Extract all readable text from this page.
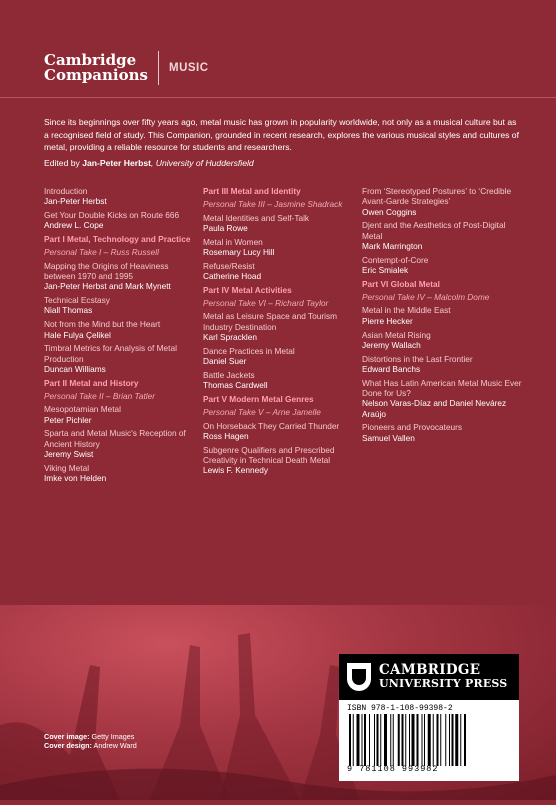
Cambridge
Companions MUSIC
Since its beginnings over fifty years ago, metal music has grown in popularity worldwide, not only as a musical culture but as a recognised field of study. This Companion, grounded in recent research, explores the various musical styles and cultures of metal, providing a reliable resource for students and researchers.
Edited by Jan-Peter Herbst, University of Huddersfield
Introduction
Jan-Peter Herbst
Get Your Double Kicks on Route 666
Andrew L. Cope
Part I Metal, Technology and Practice
Personal Take I – Russ Russell
Mapping the Origins of Heaviness between 1970 and 1995
Jan-Peter Herbst and Mark Mynett
Technical Ecstasy
Niall Thomas
Not from the Mind but the Heart
Hale Fulya Çelikel
Timbral Metrics for Analysis of Metal Production
Duncan Williams
Part II Metal and History
Personal Take II – Brian Tatler
Mesopotamian Metal
Peter Pichler
Sparta and Metal Music's Reception of Ancient History
Jeremy Swist
Viking Metal
Imke von Helden
Part III Metal and Identity
Personal Take III – Jasmine Shadrack
Metal Identities and Self-Talk
Paula Rowe
Metal in Women
Rosemary Lucy Hill
Refuse/Resist
Catherine Hoad
Part IV Metal Activities
Personal Take VI – Richard Taylor
Metal as Leisure Space and Tourism Industry Destination
Karl Spracklen
Dance Practices in Metal
Daniel Suer
Battle Jackets
Thomas Cardwell
Part V Modern Metal Genres
Personal Take V – Arne Jamelle
On Horseback They Carried Thunder
Ross Hagen
Subgenre Qualifiers and Prescribed Creativity in Technical Death Metal
Lewis F. Kennedy
From ‘Stereotyped Postures’ to ‘Credible Avant-Garde Strategies’
Owen Coggins
Djent and the Aesthetics of Post-Digital Metal
Mark Marrington
Contempt-of-Core
Eric Smialek
Part VI Global Metal
Personal Take IV – Malcolm Dome
Metal in the Middle East
Pierre Hecker
Asian Metal Rising
Jeremy Wallach
Distortions in the Last Frontier
Edward Banchs
What Has Latin American Metal Music Ever Done for Us?
Nelson Varas-Díaz and Daniel Nevárez Araújo
Pioneers and Provocateurs
Samuel Vallen
Cover image: Getty Images
Cover design: Andrew Ward
CAMBRIDGE
UNIVERSITY PRESS
ISBN 978-1-108-99398-2
9 781108 993982
